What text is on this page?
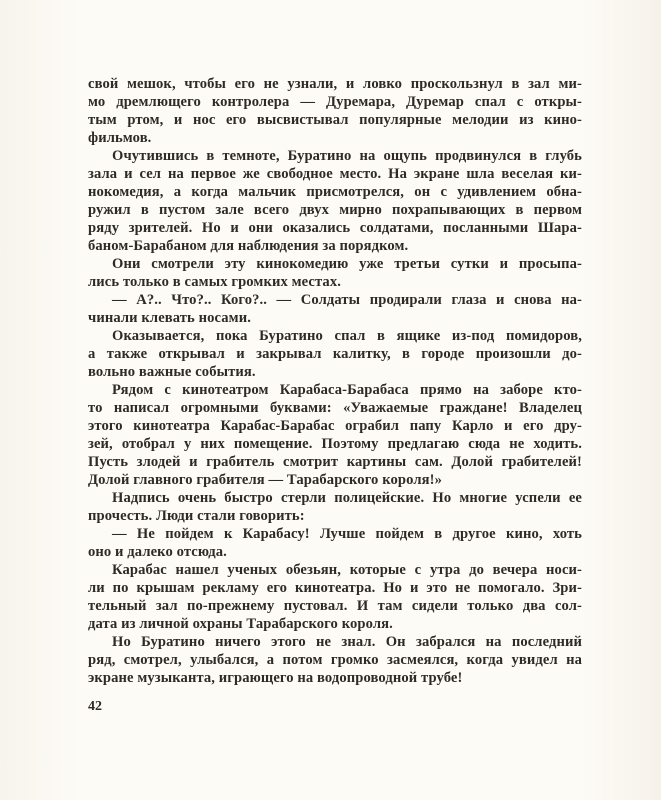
свой мешок, чтобы его не узнали, и ловко проскользнул в зал ми-
мо дремлющего контролера — Дуремара, Дуремар спал с откры-
тым ртом, и нос его высвистывал популярные мелодии из кино-
фильмов.
Очутившись в темноте, Буратино на ощупь продвинулся в глубь
зала и сел на первое же свободное место. На экране шла веселая ки-
нокомедия, а когда мальчик присмотрелся, он с удивлением обна-
ружил в пустом зале всего двух мирно похрапывающих в первом
ряду зрителей. Но и они оказались солдатами, посланными Шара-
баном-Барабаном для наблюдения за порядком.
Они смотрели эту кинокомедию уже третьи сутки и просыпа-
лись только в самых громких местах.
— А?.. Что?.. Кого?.. — Солдаты продирали глаза и снова на-
чинали клевать носами.
Оказывается, пока Буратино спал в ящике из-под помидоров,
а также открывал и закрывал калитку, в городе произошли до-
вольно важные события.
Рядом с кинотеатром Карабаса-Барабаса прямо на заборе кто-
то написал огромными буквами: «Уважаемые граждане! Владелец
этого кинотеатра Карабас-Барабас ограбил папу Карло и его дру-
зей, отобрал у них помещение. Поэтому предлагаю сюда не ходить.
Пусть злодей и грабитель смотрит картины сам. Долой грабителей!
Долой главного грабителя — Тарабарского короля!»
Надпись очень быстро стерли полицейские. Но многие успели ее
прочесть. Люди стали говорить:
— Не пойдем к Карабасу! Лучше пойдем в другое кино, хоть
оно и далеко отсюда.
Карабас нашел ученых обезьян, которые с утра до вечера носи-
ли по крышам рекламу его кинотеатра. Но и это не помогало. Зри-
тельный зал по-прежнему пустовал. И там сидели только два сол-
дата из личной охраны Тарабарского короля.
Но Буратино ничего этого не знал. Он забрался на последний
ряд, смотрел, улыбался, а потом громко засмеялся, когда увидел на
экране музыканта, играющего на водопроводной трубе!
42
